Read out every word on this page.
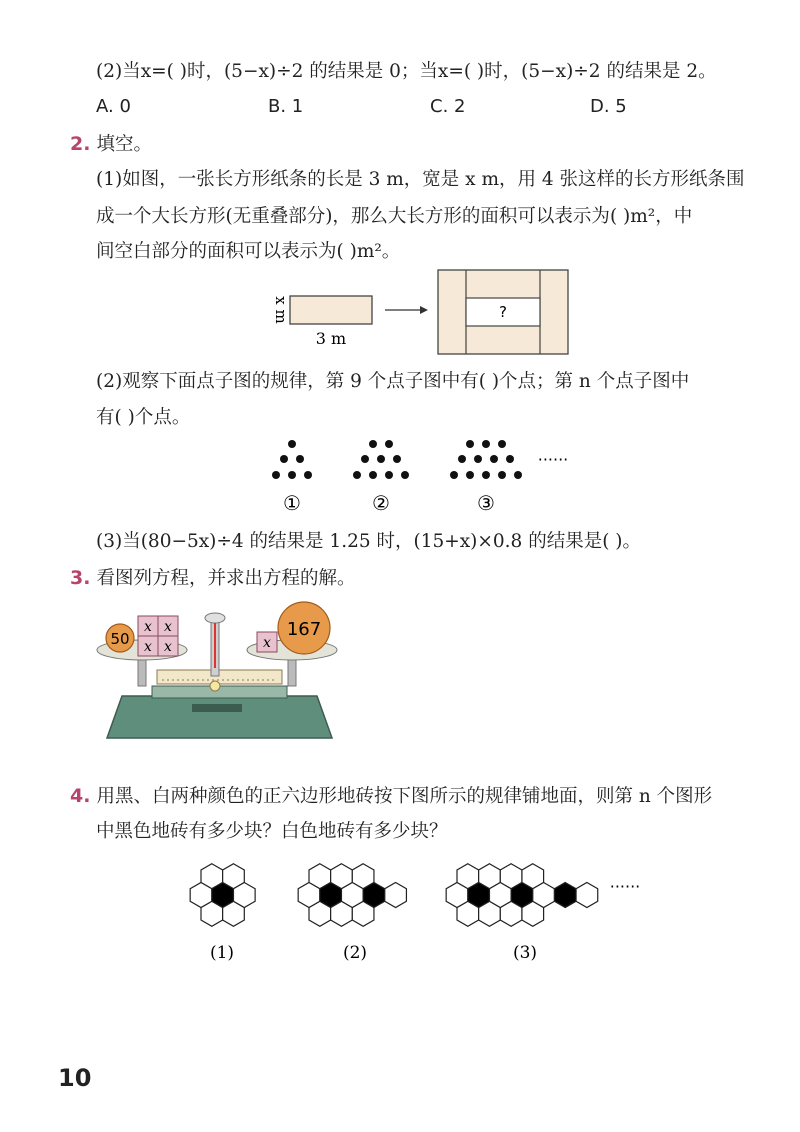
(2)当x=( )时，(5−x)÷2 的结果是 0；当x=( )时，(5−x)÷2 的结果是 2。
A. 0	B. 1	C. 2	D. 5
2. 填空。
(1)如图，一张长方形纸条的长是 3 m，宽是 x m，用 4 张这样的长方形纸条围
成一个大长方形(无重叠部分)，那么大长方形的面积可以表示为( )m²，中
间空白部分的面积可以表示为( )m²。
x m
3 m
?
(2)观察下面点子图的规律，第 9 个点子图中有( )个点；第 n 个点子图中
有( )个点。
······
①	②	③
(3)当(80−5x)÷4 的结果是 1.25 时，(15+x)×0.8 的结果是( )。
3. 看图列方程，并求出方程的解。
50
x x
x x	x
167
4. 用黑、白两种颜色的正六边形地砖按下图所示的规律铺地面，则第 n 个图形
中黑色地砖有多少块？白色地砖有多少块？
······
(1)	(2)	(3)
10
